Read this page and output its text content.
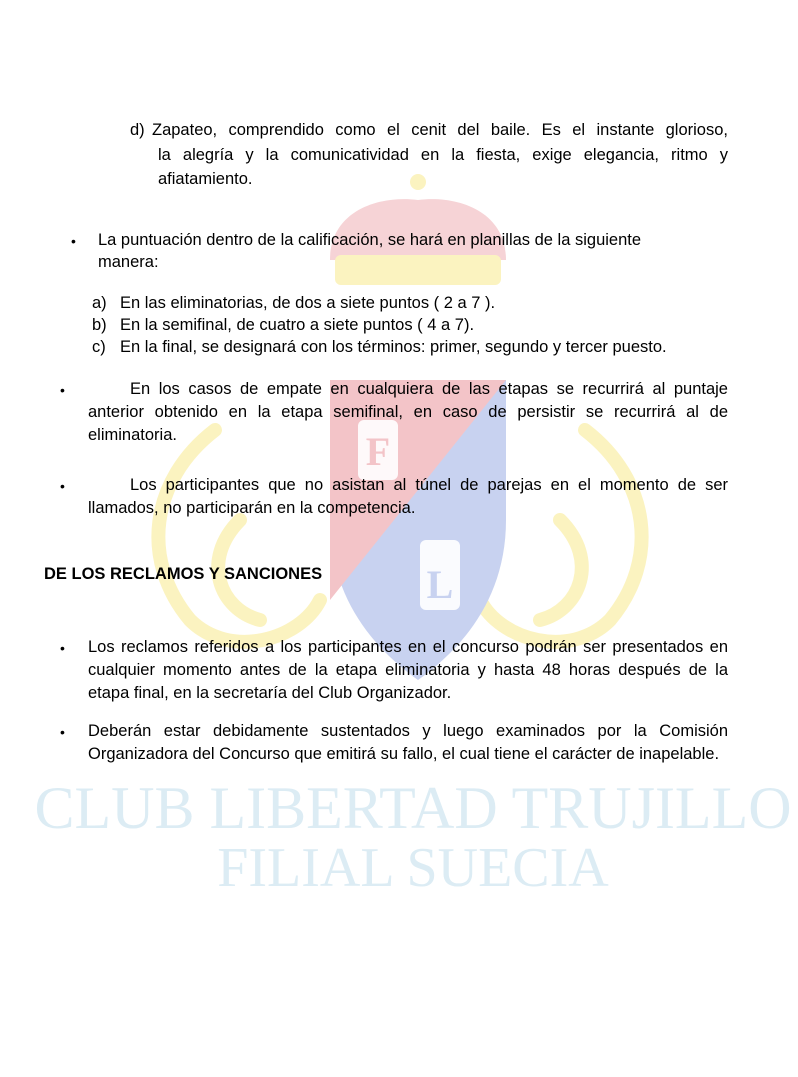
F
L
CLUB LIBERTAD TRUJILLO
FILIAL SUECIA
d) Zapateo, comprendido como el cenit del baile. Es el instante glorioso,
la alegría y la comunicatividad en la fiesta, exige elegancia, ritmo y
afiatamiento.
• La puntuación dentro de la calificación, se hará en planillas de la siguiente
manera:
a) En las eliminatorias, de dos a siete puntos ( 2 a 7 ).
b) En la semifinal, de cuatro a siete puntos ( 4 a 7).
c) En la final, se designará con los términos: primer, segundo y tercer puesto.
•	En los casos de empate en cualquiera de las etapas se recurrirá al puntaje anterior obtenido en la etapa semifinal, en caso de persistir se recurrirá al de eliminatoria.
•	Los participantes que no asistan al túnel de parejas en el momento de ser llamados, no participarán en la competencia.
DE LOS RECLAMOS Y SANCIONES
• Los reclamos referidos a los participantes en el concurso podrán ser presentados en cualquier momento antes de la etapa eliminatoria y hasta 48 horas después de la etapa final, en la secretaría del Club Organizador.
• Deberán estar debidamente sustentados y luego examinados por la Comisión Organizadora del Concurso que emitirá su fallo, el cual tiene el carácter de inapelable.
